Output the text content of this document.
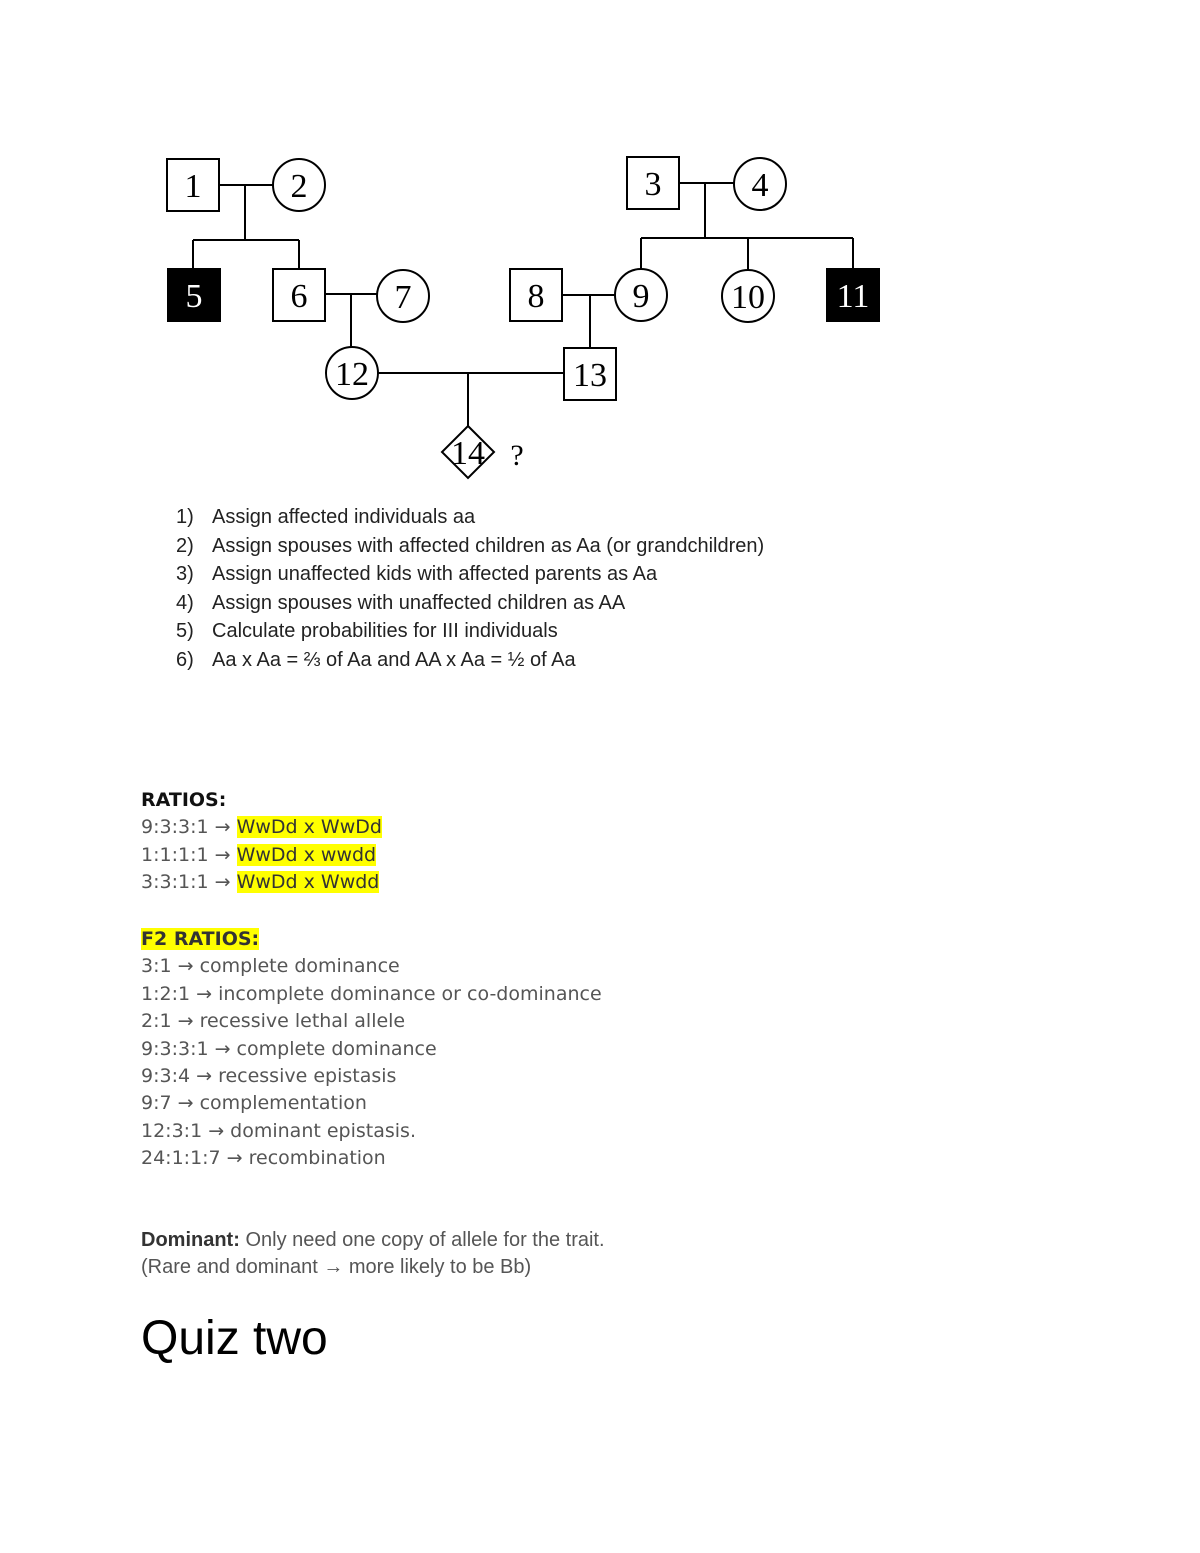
1	2	3	4
5	6	7	8	9 10 11
12	13
14 ?
1) Assign affected individuals aa
2) Assign spouses with affected children as Aa (or grandchildren)
3) Assign unaffected kids with affected parents as Aa
4) Assign spouses with unaffected children as AA
5) Calculate probabilities for III individuals
6) Aa x Aa = ⅔ of Aa and AA x Aa = ½ of Aa
RATIOS:
9:3:3:1 → WwDd x WwDd
1:1:1:1 → WwDd x wwdd
3:3:1:1 → WwDd x Wwdd
F2 RATIOS:
3:1 → complete dominance
1:2:1 → incomplete dominance or co-dominance
2:1 → recessive lethal allele
9:3:3:1 → complete dominance
9:3:4 → recessive epistasis
9:7 → complementation
12:3:1 → dominant epistasis.
24:1:1:7 → recombination
Dominant: Only need one copy of allele for the trait.
(Rare and dominant → more likely to be Bb)
Quiz two
